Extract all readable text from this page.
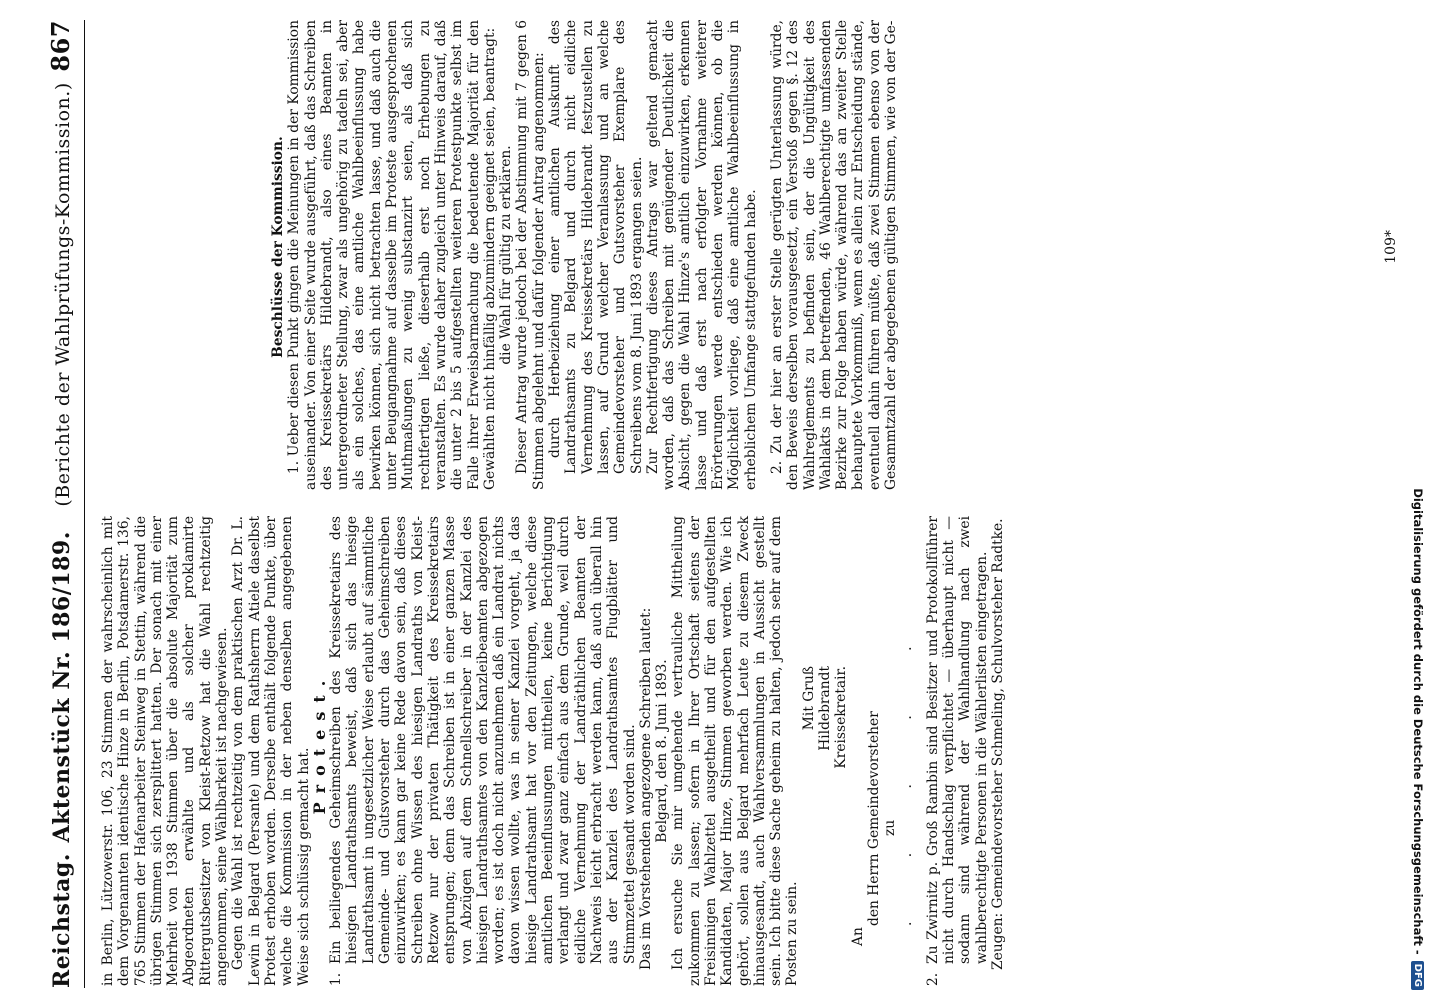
Reichstag.
Aktenstück Nr. 186/189.   (Berichte der Wahlprüfungs-Kommission.)
867

in Berlin, Lützowerstr. 106, 23 Stimmen der wahrscheinlich mit dem Vorgenannten identische Hinze in Berlin, Potsdamerstr. 136, 765 Stimmen der Hafenarbeiter Steinweg in Stettin, während die übrigen Stimmen sich zersplittert hatten. Der sonach mit einer Mehrheit von 1938 Stimmen über die absolute Majorität zum Abgeordneten erwählte und als solcher proklamirte Rittergutsbesitzer von Kleist-Retzow hat die Wahl rechtzeitig angenommen, seine Wählbarkeit ist nachgewiesen. Gegen die Wahl ist rechtzeitig von dem praktischen Arzt Dr. L. Lewin in Belgard (Persante) und dem Rathsherrn Atiele daselbst Protest erhoben worden. Derselbe enthält folgende Punkte, über welche die Kommission in der neben denselben angegebenen Weise sich schlüssig gemacht hat.

Protest.

1.
Ein beiliegendes Geheimschreiben des Kreissekretairs des hiesigen Landrathsamts beweist, daß sich das hiesige Landrathsamt in ungesetzlicher Weise erlaubt auf sämmtliche Gemeinde- und Gutsvorsteher durch das Geheimschreiben einzuwirken; es kann gar keine Rede davon sein, daß dieses Schreiben ohne Wissen des hiesigen Landraths von Kleist-Retzow nur der privaten Thätigkeit des Kreissekretairs entsprungen; denn das Schreiben ist in einer ganzen Masse von Abzügen auf dem Schnellschreiber in der Kanzlei des hiesigen Landrathsamtes von den Kanzleibeamten abgezogen worden; es ist doch nicht anzunehmen daß ein Landrat nichts davon wissen wollte, was in seiner Kanzlei vorgeht, ja das hiesige Landrathsamt hat vor den Zeitungen, welche diese amtlichen Beeinflussungen mittheilen, keine Berichtigung verlangt und zwar ganz einfach aus dem Grunde, weil durch eidliche Vernehmung der Landräthlichen Beamten der Nachweis leicht erbracht werden kann, daß auch überall hin aus der Kanzlei des Landrathsamtes Flugblätter und Stimmzettel gesandt worden sind. Das im Vorstehenden angezogene Schreiben lautet: Belgard, den 8. Juni 1893. Ich ersuche Sie mir umgehende vertrauliche Mittheilung zukommen zu lassen; sofern in Ihrer Ortschaft seitens der Freisinnigen Wahlzettel ausgetheilt und für den aufgestellten Kandidaten, Major Hinze, Stimmen geworben werden. Wie ich gehört, sollen aus Belgard mehrfach Leute zu diesem Zweck hinausgesandt, auch Wahlversammlungen in Aussicht gestellt sein. Ich bitte diese Sache geheim zu halten, jedoch sehr auf dem Posten zu sein.

Mit Gruß Hildebrandt Kreissekretair.

An

den Herrn Gemeindevorsteher zu . . . . .

2.
Zu Zwirnitz p. Groß Rambin sind Besitzer und Protokollführer nicht durch Handschlag verpflichtet — überhaupt nicht — sodann sind während der Wahlhandlung nach zwei wahlberechtigte Personen in die Wählerlisten eingetragen. Zeugen: Gemeindevorsteher Schmeling, Schulvorsteher Radtke.

Beschlüsse der Kommission. 1. Ueber diesen Punkt gingen die Meinungen in der Kommission auseinander. Von einer Seite wurde ausgeführt, daß das Schreiben des Kreissekretärs Hildebrandt, also eines Beamten in untergeordneter Stellung, zwar als ungehörig zu tadeln sei, aber als ein solches, das eine amtliche Wahlbeeinflussung habe bewirken können, sich nicht betrachten lasse, und daß auch die unter Beugangnahme auf dasselbe im Proteste ausgesprochenen Muthmaßungen zu wenig substanzirt seien, als daß sich rechtfertigen ließe, dieserhalb erst noch Erhebungen zu veranstalten. Es wurde daher zugleich unter Hinweis darauf, daß die unter 2 bis 5 aufgestellten weiteren Protestpunkte selbst im Falle ihrer Erweisbarmachung die bedeutende Majorität für den Gewählten nicht hinfällig abzumindern geeignet seien, beantragt: die Wahl für gültig zu erklären. Dieser Antrag wurde jedoch bei der Abstimmung mit 7 gegen 6 Stimmen abgelehnt und dafür folgender Antrag angenommen: durch Herbeiziehung einer amtlichen Auskunft des Landrathsamts zu Belgard und durch nicht eidliche Vernehmung des Kreissekretärs Hildebrandt festzustellen zu lassen, auf Grund welcher Veranlassung und an welche Gemeindevorsteher und Gutsvorsteher Exemplare des Schreibens vom 8. Juni 1893 ergangen seien. Zur Rechtfertigung dieses Antrags war geltend gemacht worden, daß das Schreiben mit genügender Deutlichkeit die Absicht, gegen die Wahl Hinze's amtlich einzuwirken, erkennen lasse und daß erst nach erfolgter Vornahme weiterer Erörterungen werde entschieden werden können, ob die Möglichkeit vorliege, daß eine amtliche Wahlbeeinflussung in erheblichem Umfange stattgefunden habe. 2. Zu der hier an erster Stelle gerügten Unterlassung würde, den Beweis derselben vorausgesetzt, ein Verstoß gegen §. 12 des Wahlreglements zu befinden sein, der die Ungültigkeit des Wahlakts in dem betreffenden, 46 Wahlberechtigte umfassenden Bezirke zur Folge haben würde, während das an zweiter Stelle behauptete Vorkommniß, wenn es allein zur Entscheidung stände, eventuell dahin führen müßte, daß zwei Stimmen ebenso von der Gesammtzahl der abgegebenen gültigen Stimmen, wie von der Ge-	109*
Digitalisierung gefördert durch die Deutsche Forschungsgemeinschaft -
DFG
